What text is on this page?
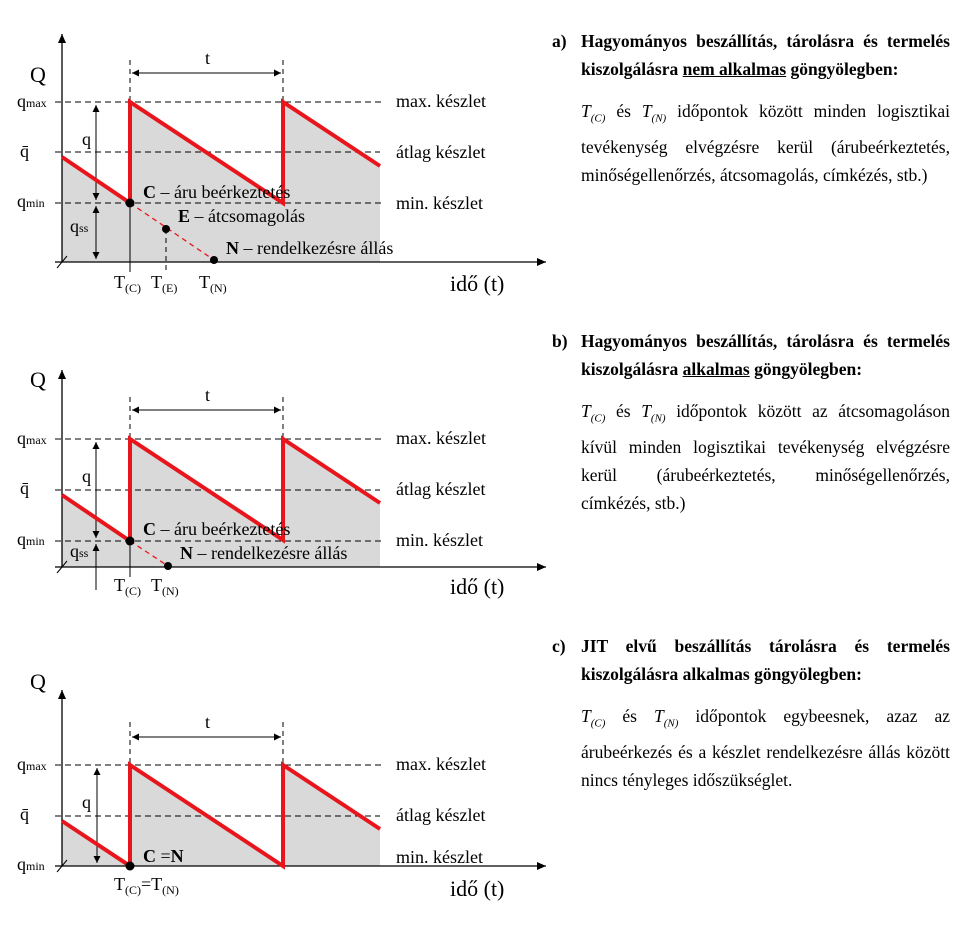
Q
idő (t)
t
qmax
q̄
qmin
q
qss
max. készlet
átlag készlet
min. készlet
C – áru beérkeztetés
E – átcsomagolás
N – rendelkezésre állás
$T_{(C)}$ $T_{(E)}$ $T_{(N)}$
Q
idő (t)
t
qmax
q̄
qmin
q
qss
max. készlet
átlag készlet
min. készlet
C – áru beérkeztetés
N – rendelkezésre állás
$T_{(C)}$ $T_{(N)}$
Q
idő (t)
t
qmax
q̄
qmin
q
max. készlet
átlag készlet
min. készlet
C =N
$T_{(C)}=T_{(N)}$
a) Hagyományos beszállítás, tárolásra és termelés kiszolgálásra nem alkalmas göngyölegben:
$T_{(C)}$ és $T_{(N)}$ időpontok között minden logisztikai tevékenység elvégzésre kerül (árubeérkeztetés, minőségellenőrzés, átcsomagolás, címkézés, stb.)
b) Hagyományos beszállítás, tárolásra és termelés kiszolgálásra alkalmas göngyölegben:
$T_{(C)}$ és $T_{(N)}$ időpontok között az átcsomagoláson kívül minden logisztikai tevékenység elvégzésre kerül (árubeérkeztetés, minőségellenőrzés, címkézés, stb.)
c) JIT elvű beszállítás tárolásra és termelés kiszolgálásra alkalmas göngyölegben:
$T_{(C)}$ és $T_{(N)}$ időpontok egybeesnek, azaz az árubeérkezés és a készlet rendelkezésre állás között nincs tényleges időszükséglet.
